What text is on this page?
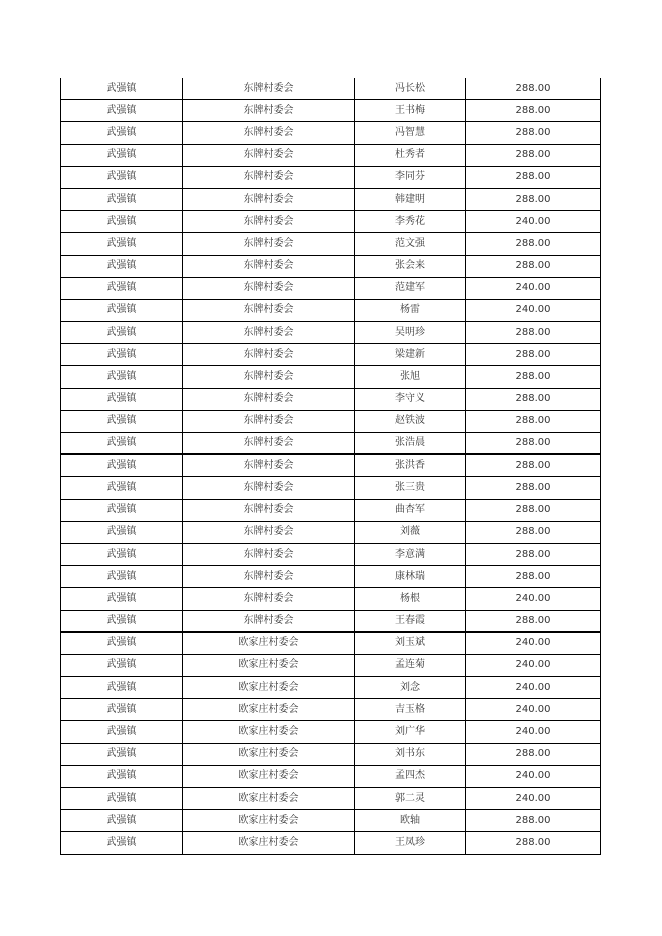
武强镇	东牌村委会	冯长松	288.00
武强镇	东牌村委会	王书梅	288.00
武强镇	东牌村委会	冯智慧	288.00
武强镇	东牌村委会	杜秀者	288.00
武强镇	东牌村委会	李同芬	288.00
武强镇	东牌村委会	韩建明	288.00
武强镇	东牌村委会	李秀花	240.00
武强镇	东牌村委会	范文强	288.00
武强镇	东牌村委会	张会来	288.00
武强镇	东牌村委会	范建军	240.00
武强镇	东牌村委会	杨雷	240.00
武强镇	东牌村委会	吴明珍	288.00
武强镇	东牌村委会	梁建新	288.00
武强镇	东牌村委会	张旭	288.00
武强镇	东牌村委会	李守义	288.00
武强镇	东牌村委会	赵铁波	288.00
武强镇	东牌村委会	张浩晨	288.00
武强镇	东牌村委会	张洪香	288.00
武强镇	东牌村委会	张三贵	288.00
武强镇	东牌村委会	曲杏军	288.00
武强镇	东牌村委会	刘薇	288.00
武强镇	东牌村委会	李意满	288.00
武强镇	东牌村委会	康林瑞	288.00
武强镇	东牌村委会	杨根	240.00
武强镇	东牌村委会	王春霞	288.00
武强镇	欧家庄村委会	刘玉斌	240.00
武强镇	欧家庄村委会	孟连菊	240.00
武强镇	欧家庄村委会	刘念	240.00
武强镇	欧家庄村委会	吉玉格	240.00
武强镇	欧家庄村委会	刘广华	240.00
武强镇	欧家庄村委会	刘书东	288.00
武强镇	欧家庄村委会	孟四杰	240.00
武强镇	欧家庄村委会	郭二灵	240.00
武强镇	欧家庄村委会	欧轴	288.00
武强镇	欧家庄村委会	王凤珍	288.00
